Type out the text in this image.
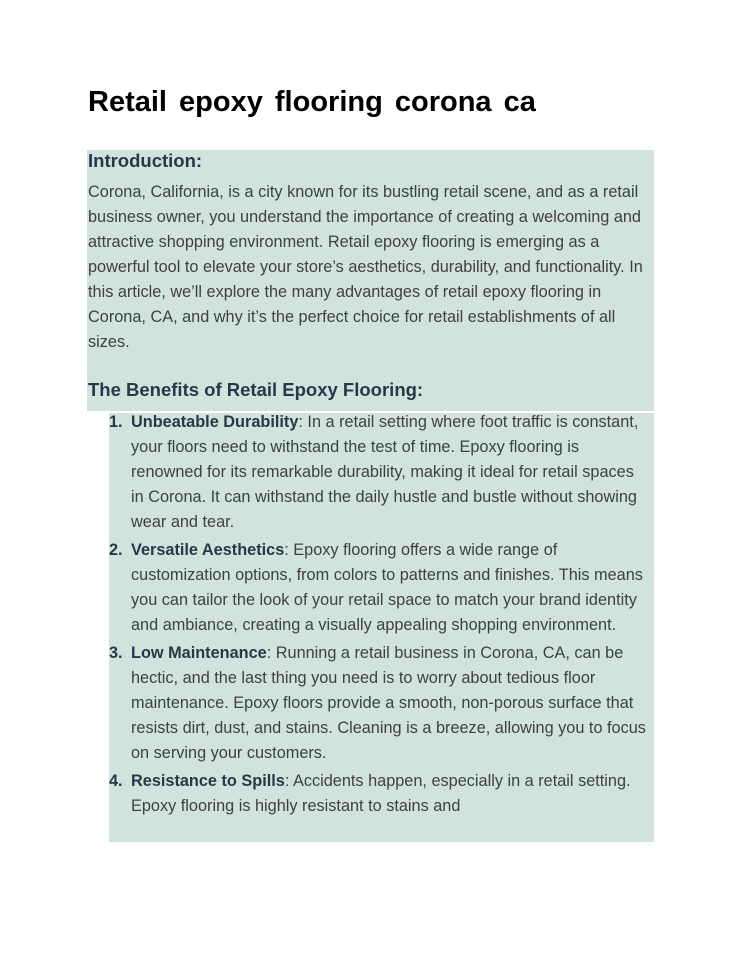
Retail epoxy flooring corona ca
Introduction:

Corona, California, is a city known for its bustling retail scene, and as a retail business owner, you understand the importance of creating a welcoming and attractive shopping environment. Retail epoxy flooring is emerging as a powerful tool to elevate your store’s aesthetics, durability, and functionality. In this article, we’ll explore the many advantages of retail epoxy flooring in Corona, CA, and why it’s the perfect choice for retail establishments of all sizes.

The Benefits of Retail Epoxy Flooring:
1. Unbeatable Durability: In a retail setting where foot traffic is constant, your floors need to withstand the test of time. Epoxy flooring is renowned for its remarkable durability, making it ideal for retail spaces in Corona. It can withstand the daily hustle and bustle without showing wear and tear.
2. Versatile Aesthetics: Epoxy flooring offers a wide range of customization options, from colors to patterns and finishes. This means you can tailor the look of your retail space to match your brand identity and ambiance, creating a visually appealing shopping environment.
3. Low Maintenance: Running a retail business in Corona, CA, can be hectic, and the last thing you need is to worry about tedious floor maintenance. Epoxy floors provide a smooth, non-porous surface that resists dirt, dust, and stains. Cleaning is a breeze, allowing you to focus on serving your customers.
4. Resistance to Spills: Accidents happen, especially in a retail setting. Epoxy flooring is highly resistant to stains and
